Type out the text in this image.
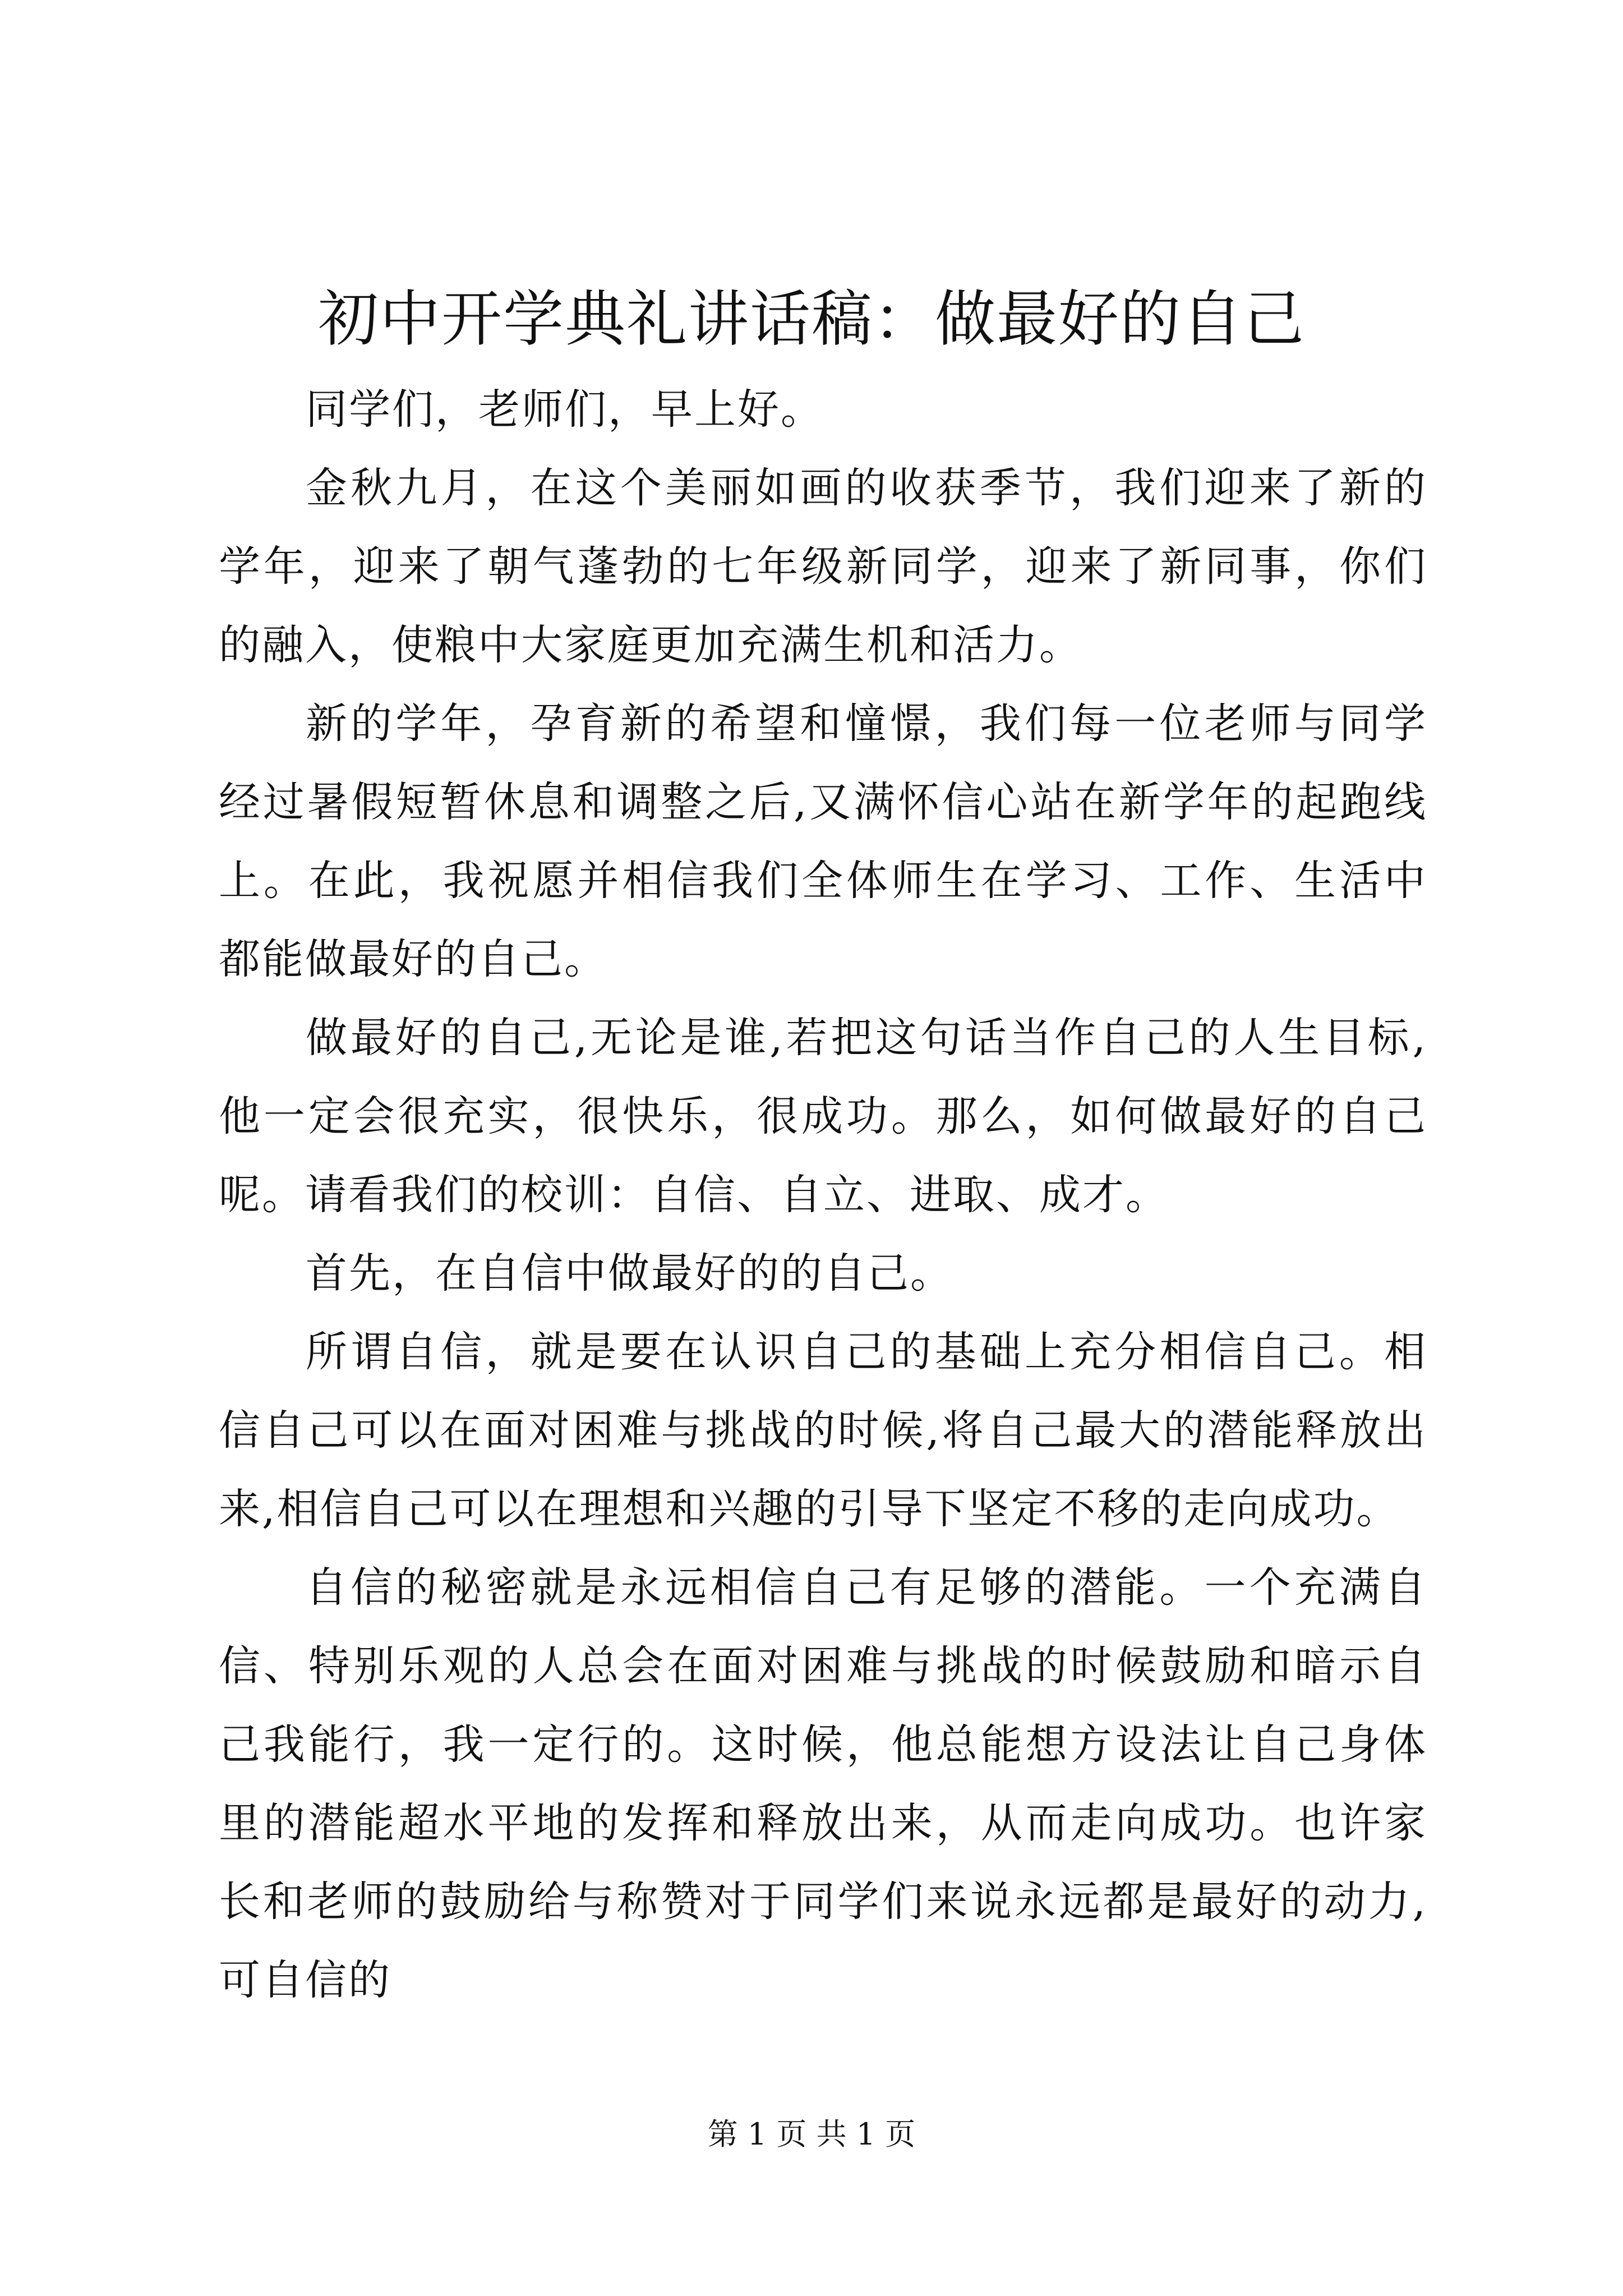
初中开学典礼讲话稿：做最好的自己

同学们，老师们，早上好。

金秋九月，在这个美丽如画的收获季节，我们迎来了新的学年，迎来了朝气蓬勃的七年级新同学，迎来了新同事，你们的融入，使粮中大家庭更加充满生机和活力。

新的学年，孕育新的希望和憧憬，我们每一位老师与同学经过暑假短暂休息和调整之后,又满怀信心站在新学年的起跑线上。在此，我祝愿并相信我们全体师生在学习、工作、生活中都能做最好的自己。

做最好的自己,无论是谁,若把这句话当作自己的人生目标,他一定会很充实，很快乐，很成功。那么，如何做最好的自己呢。请看我们的校训：自信、自立、进取、成才。

首先，在自信中做最好的的自己。

所谓自信，就是要在认识自己的基础上充分相信自己。相信自己可以在面对困难与挑战的时候,将自己最大的潜能释放出来,相信自己可以在理想和兴趣的引导下坚定不移的走向成功。

自信的秘密就是永远相信自己有足够的潜能。一个充满自信、特别乐观的人总会在面对困难与挑战的时候鼓励和暗示自己我能行，我一定行的。这时候，他总能想方设法让自己身体里的潜能超水平地的发挥和释放出来，从而走向成功。也许家长和老师的鼓励给与称赞对于同学们来说永远都是最好的动力,可自信的

第 1 页 共 1 页
